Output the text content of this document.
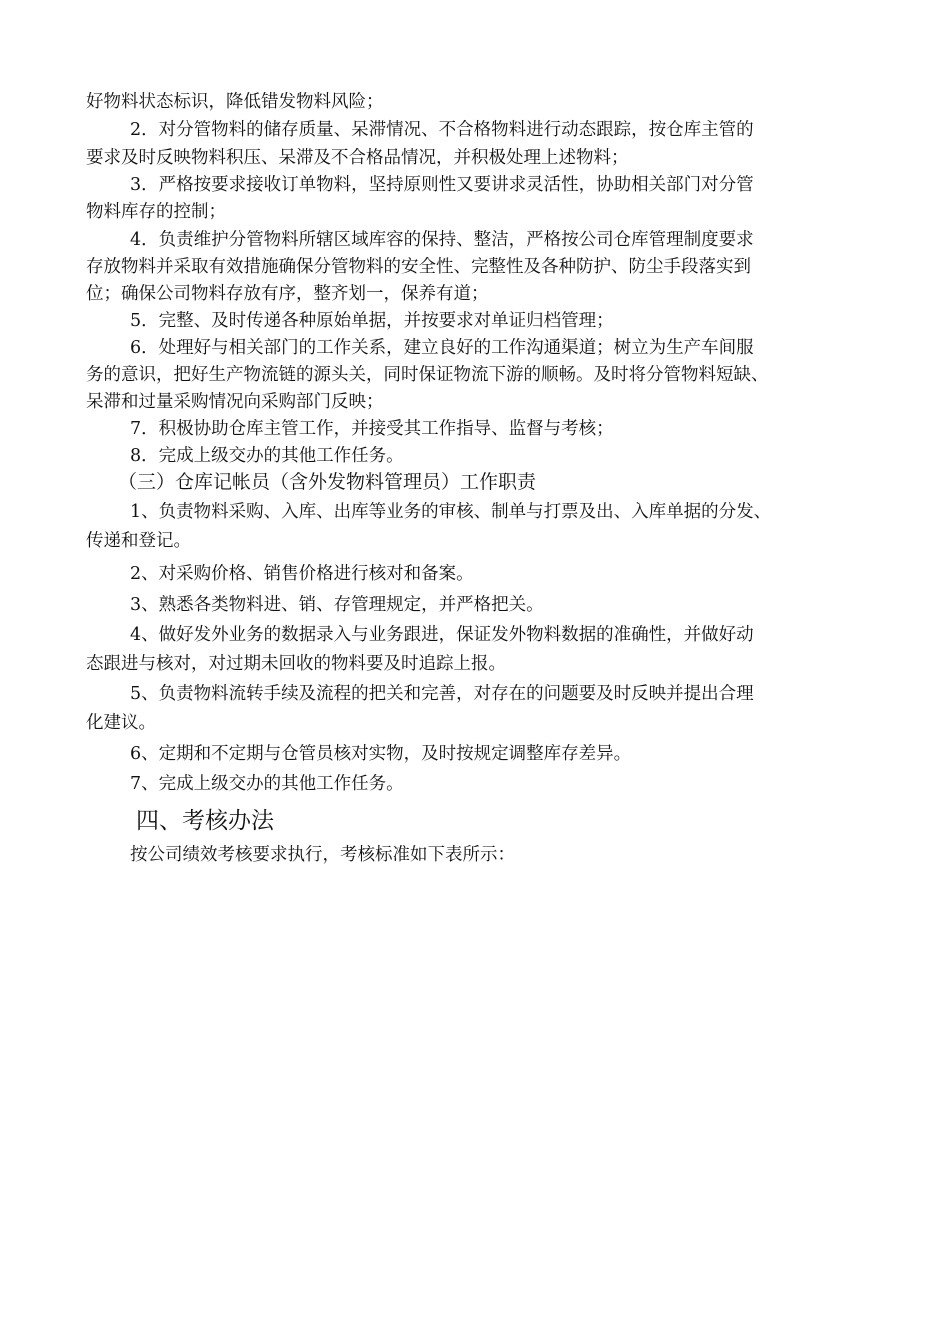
好物料状态标识，降低错发物料风险；
2．对分管物料的储存质量、呆滞情况、不合格物料进行动态跟踪，按仓库主管的
要求及时反映物料积压、呆滞及不合格品情况，并积极处理上述物料；
3．严格按要求接收订单物料，坚持原则性又要讲求灵活性，协助相关部门对分管
物料库存的控制；
4．负责维护分管物料所辖区域库容的保持、整洁，严格按公司仓库管理制度要求
存放物料并采取有效措施确保分管物料的安全性、完整性及各种防护、防尘手段落实到
位；确保公司物料存放有序，整齐划一，保养有道；
5．完整、及时传递各种原始单据，并按要求对单证归档管理；
6．处理好与相关部门的工作关系，建立良好的工作沟通渠道；树立为生产车间服
务的意识，把好生产物流链的源头关，同时保证物流下游的顺畅。及时将分管物料短缺、
呆滞和过量采购情况向采购部门反映；
7．积极协助仓库主管工作，并接受其工作指导、监督与考核；
8．完成上级交办的其他工作任务。
（三）仓库记帐员（含外发物料管理员）工作职责
1、负责物料采购、入库、出库等业务的审核、制单与打票及出、入库单据的分发、
传递和登记。
2、对采购价格、销售价格进行核对和备案。
3、熟悉各类物料进、销、存管理规定，并严格把关。
4、做好发外业务的数据录入与业务跟进，保证发外物料数据的准确性，并做好动
态跟进与核对，对过期未回收的物料要及时追踪上报。
5、负责物料流转手续及流程的把关和完善，对存在的问题要及时反映并提出合理
化建议。
6、定期和不定期与仓管员核对实物，及时按规定调整库存差异。
7、完成上级交办的其他工作任务。
四、考核办法
按公司绩效考核要求执行，考核标准如下表所示：
